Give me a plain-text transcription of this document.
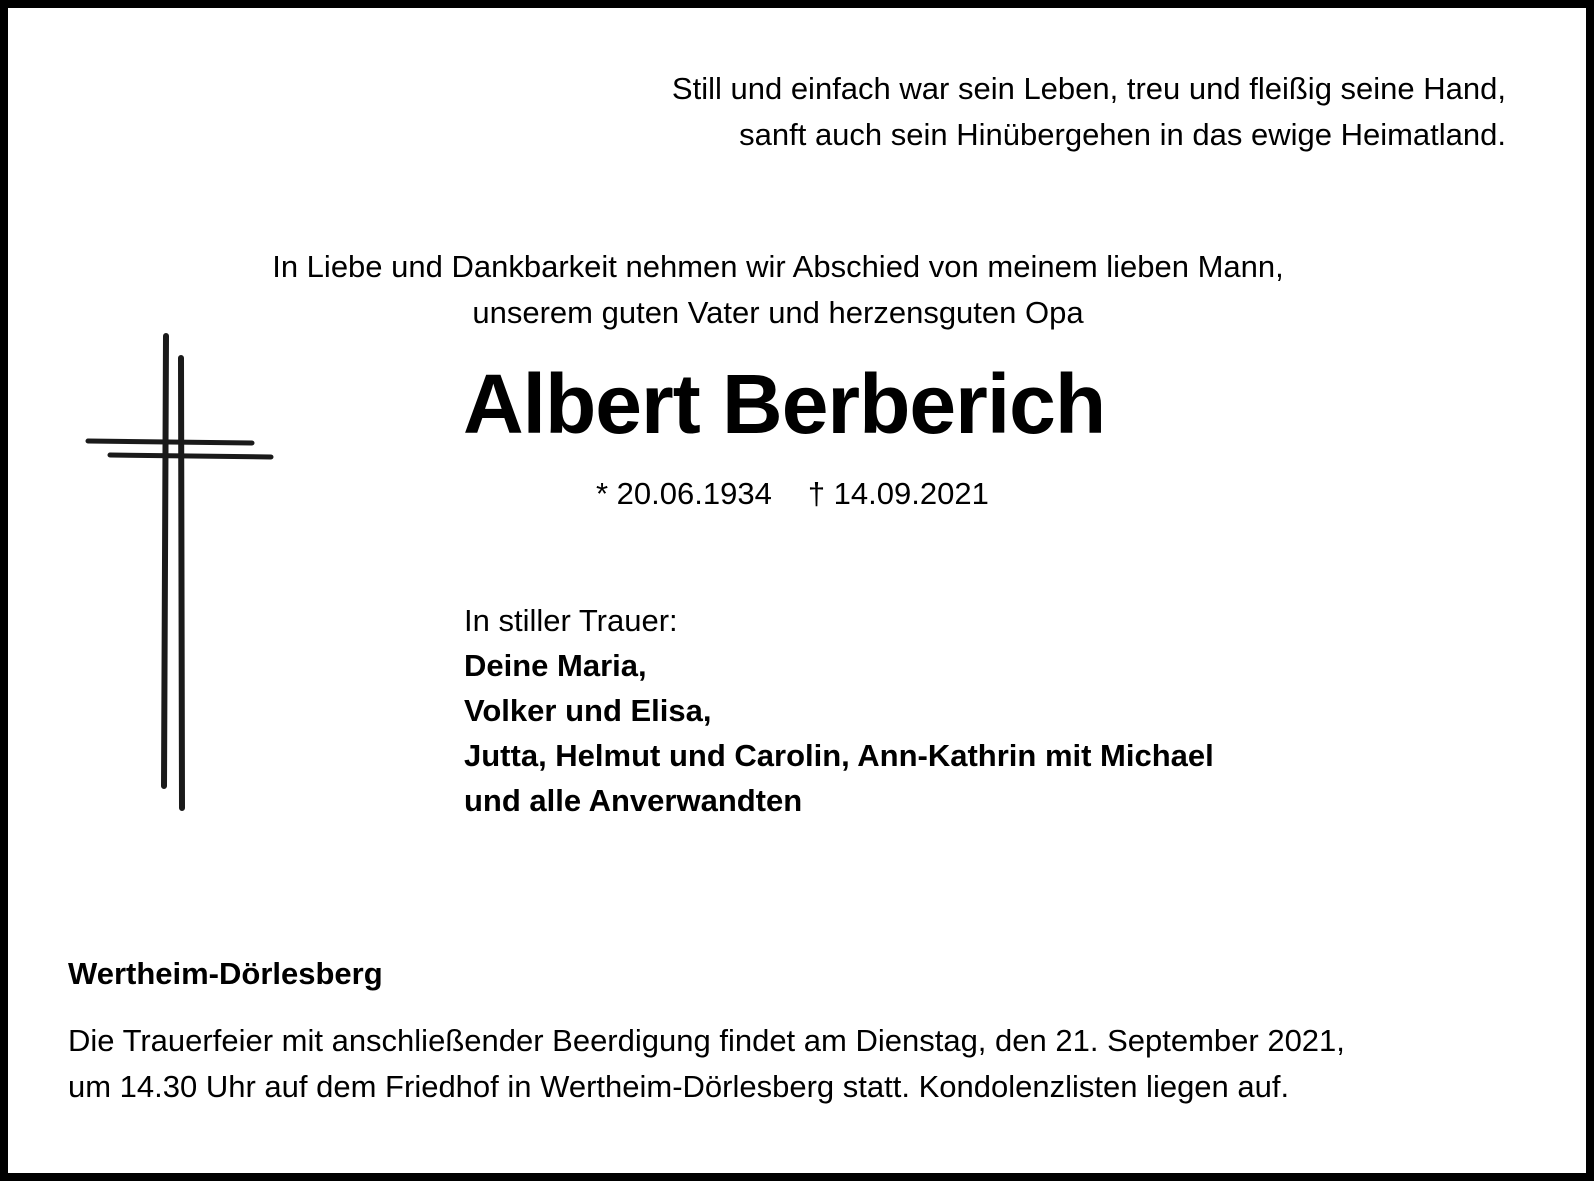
Still und einfach war sein Leben, treu und fleißig seine Hand,
sanft auch sein Hinübergehen in das ewige Heimatland.
In Liebe und Dankbarkeit nehmen wir Abschied von meinem lieben Mann,
unserem guten Vater und herzensguten Opa
Albert Berberich
* 20.06.1934 † 14.09.2021
In stiller Trauer:
Deine Maria,
Volker und Elisa,
Jutta, Helmut und Carolin, Ann-Kathrin mit Michael
und alle Anverwandten
Wertheim-Dörlesberg
Die Trauerfeier mit anschließender Beerdigung findet am Dienstag, den 21. September 2021,
um 14.30 Uhr auf dem Friedhof in Wertheim-Dörlesberg statt. Kondolenzlisten liegen auf.
